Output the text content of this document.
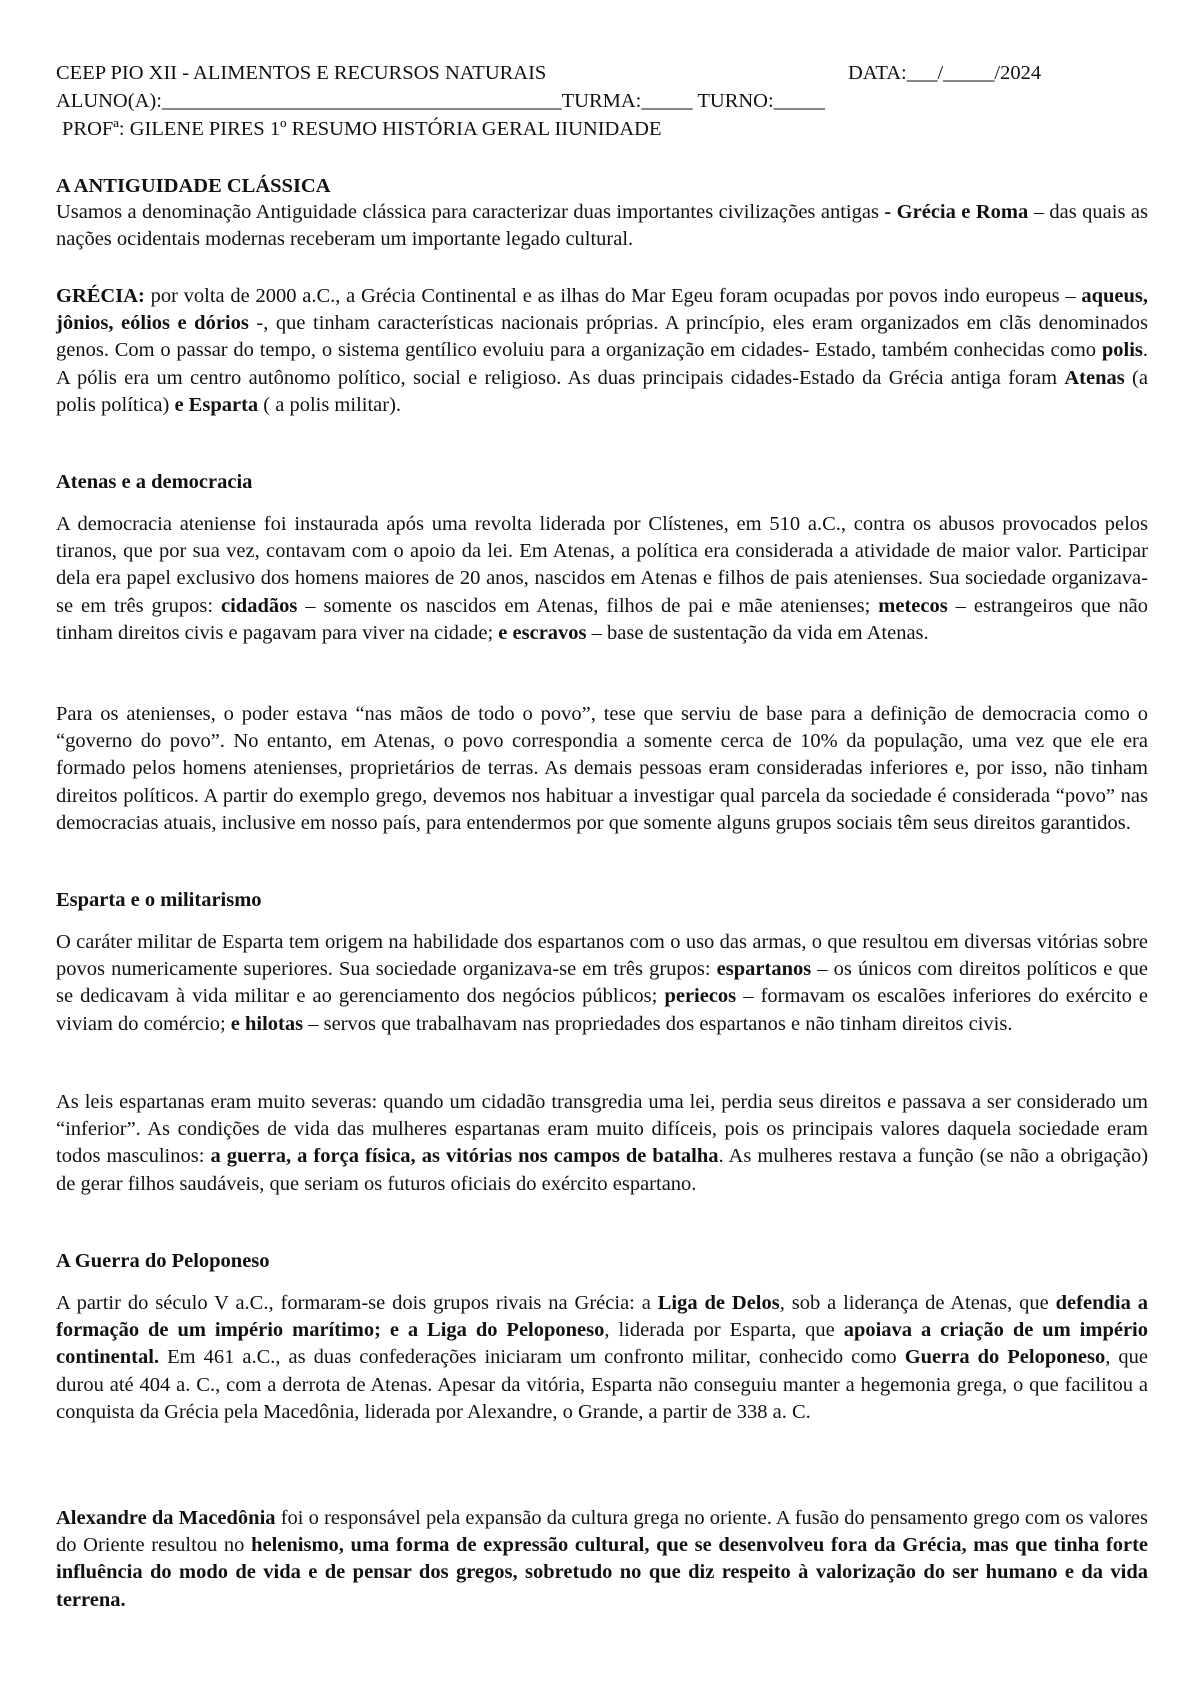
CEEP PIO XII - ALIMENTOS E RECURSOS NATURAIS	DATA:___/_____/2024
ALUNO(A):_______________________________________TURMA:_____ TURNO:_____
PROFª: GILENE PIRES 1º RESUMO HISTÓRIA GERAL IIUNIDADE
A ANTIGUIDADE CLÁSSICA

Usamos a denominação Antiguidade clássica para caracterizar duas importantes civilizações antigas - Grécia e Roma – das quais as nações ocidentais modernas receberam um importante legado cultural.

GRÉCIA: por volta de 2000 a.C., a Grécia Continental e as ilhas do Mar Egeu foram ocupadas por povos indo europeus – aqueus, jônios, eólios e dórios -, que tinham características nacionais próprias. A princípio, eles eram organizados em clãs denominados genos. Com o passar do tempo, o sistema gentílico evoluiu para a organização em cidades- Estado, também conhecidas como polis. A pólis era um centro autônomo político, social e religioso. As duas principais cidades-Estado da Grécia antiga foram Atenas (a polis política) e Esparta ( a polis militar).

Atenas e a democracia

A democracia ateniense foi instaurada após uma revolta liderada por Clístenes, em 510 a.C., contra os abusos provocados pelos tiranos, que por sua vez, contavam com o apoio da lei. Em Atenas, a política era considerada a atividade de maior valor. Participar dela era papel exclusivo dos homens maiores de 20 anos, nascidos em Atenas e filhos de pais atenienses. Sua sociedade organizava-se em três grupos: cidadãos – somente os nascidos em Atenas, filhos de pai e mãe atenienses; metecos – estrangeiros que não tinham direitos civis e pagavam para viver na cidade; e escravos – base de sustentação da vida em Atenas.

Para os atenienses, o poder estava “nas mãos de todo o povo”, tese que serviu de base para a definição de democracia como o “governo do povo”. No entanto, em Atenas, o povo correspondia a somente cerca de 10% da população, uma vez que ele era formado pelos homens atenienses, proprietários de terras. As demais pessoas eram consideradas inferiores e, por isso, não tinham direitos políticos. A partir do exemplo grego, devemos nos habituar a investigar qual parcela da sociedade é considerada “povo” nas democracias atuais, inclusive em nosso país, para entendermos por que somente alguns grupos sociais têm seus direitos garantidos.

Esparta e o militarismo

O caráter militar de Esparta tem origem na habilidade dos espartanos com o uso das armas, o que resultou em diversas vitórias sobre povos numericamente superiores. Sua sociedade organizava-se em três grupos: espartanos – os únicos com direitos políticos e que se dedicavam à vida militar e ao gerenciamento dos negócios públicos; periecos – formavam os escalões inferiores do exército e viviam do comércio; e hilotas – servos que trabalhavam nas propriedades dos espartanos e não tinham direitos civis.

As leis espartanas eram muito severas: quando um cidadão transgredia uma lei, perdia seus direitos e passava a ser considerado um “inferior”. As condições de vida das mulheres espartanas eram muito difíceis, pois os principais valores daquela sociedade eram todos masculinos: a guerra, a força física, as vitórias nos campos de batalha. As mulheres restava a função (se não a obrigação) de gerar filhos saudáveis, que seriam os futuros oficiais do exército espartano.

A Guerra do Peloponeso

A partir do século V a.C., formaram-se dois grupos rivais na Grécia: a Liga de Delos, sob a liderança de Atenas, que defendia a formação de um império marítimo; e a Liga do Peloponeso, liderada por Esparta, que apoiava a criação de um império continental. Em 461 a.C., as duas confederações iniciaram um confronto militar, conhecido como Guerra do Peloponeso, que durou até 404 a. C., com a derrota de Atenas. Apesar da vitória, Esparta não conseguiu manter a hegemonia grega, o que facilitou a conquista da Grécia pela Macedônia, liderada por Alexandre, o Grande, a partir de 338 a. C.

Alexandre da Macedônia foi o responsável pela expansão da cultura grega no oriente. A fusão do pensamento grego com os valores do Oriente resultou no helenismo, uma forma de expressão cultural, que se desenvolveu fora da Grécia, mas que tinha forte influência do modo de vida e de pensar dos gregos, sobretudo no que diz respeito à valorização do ser humano e da vida terrena.
